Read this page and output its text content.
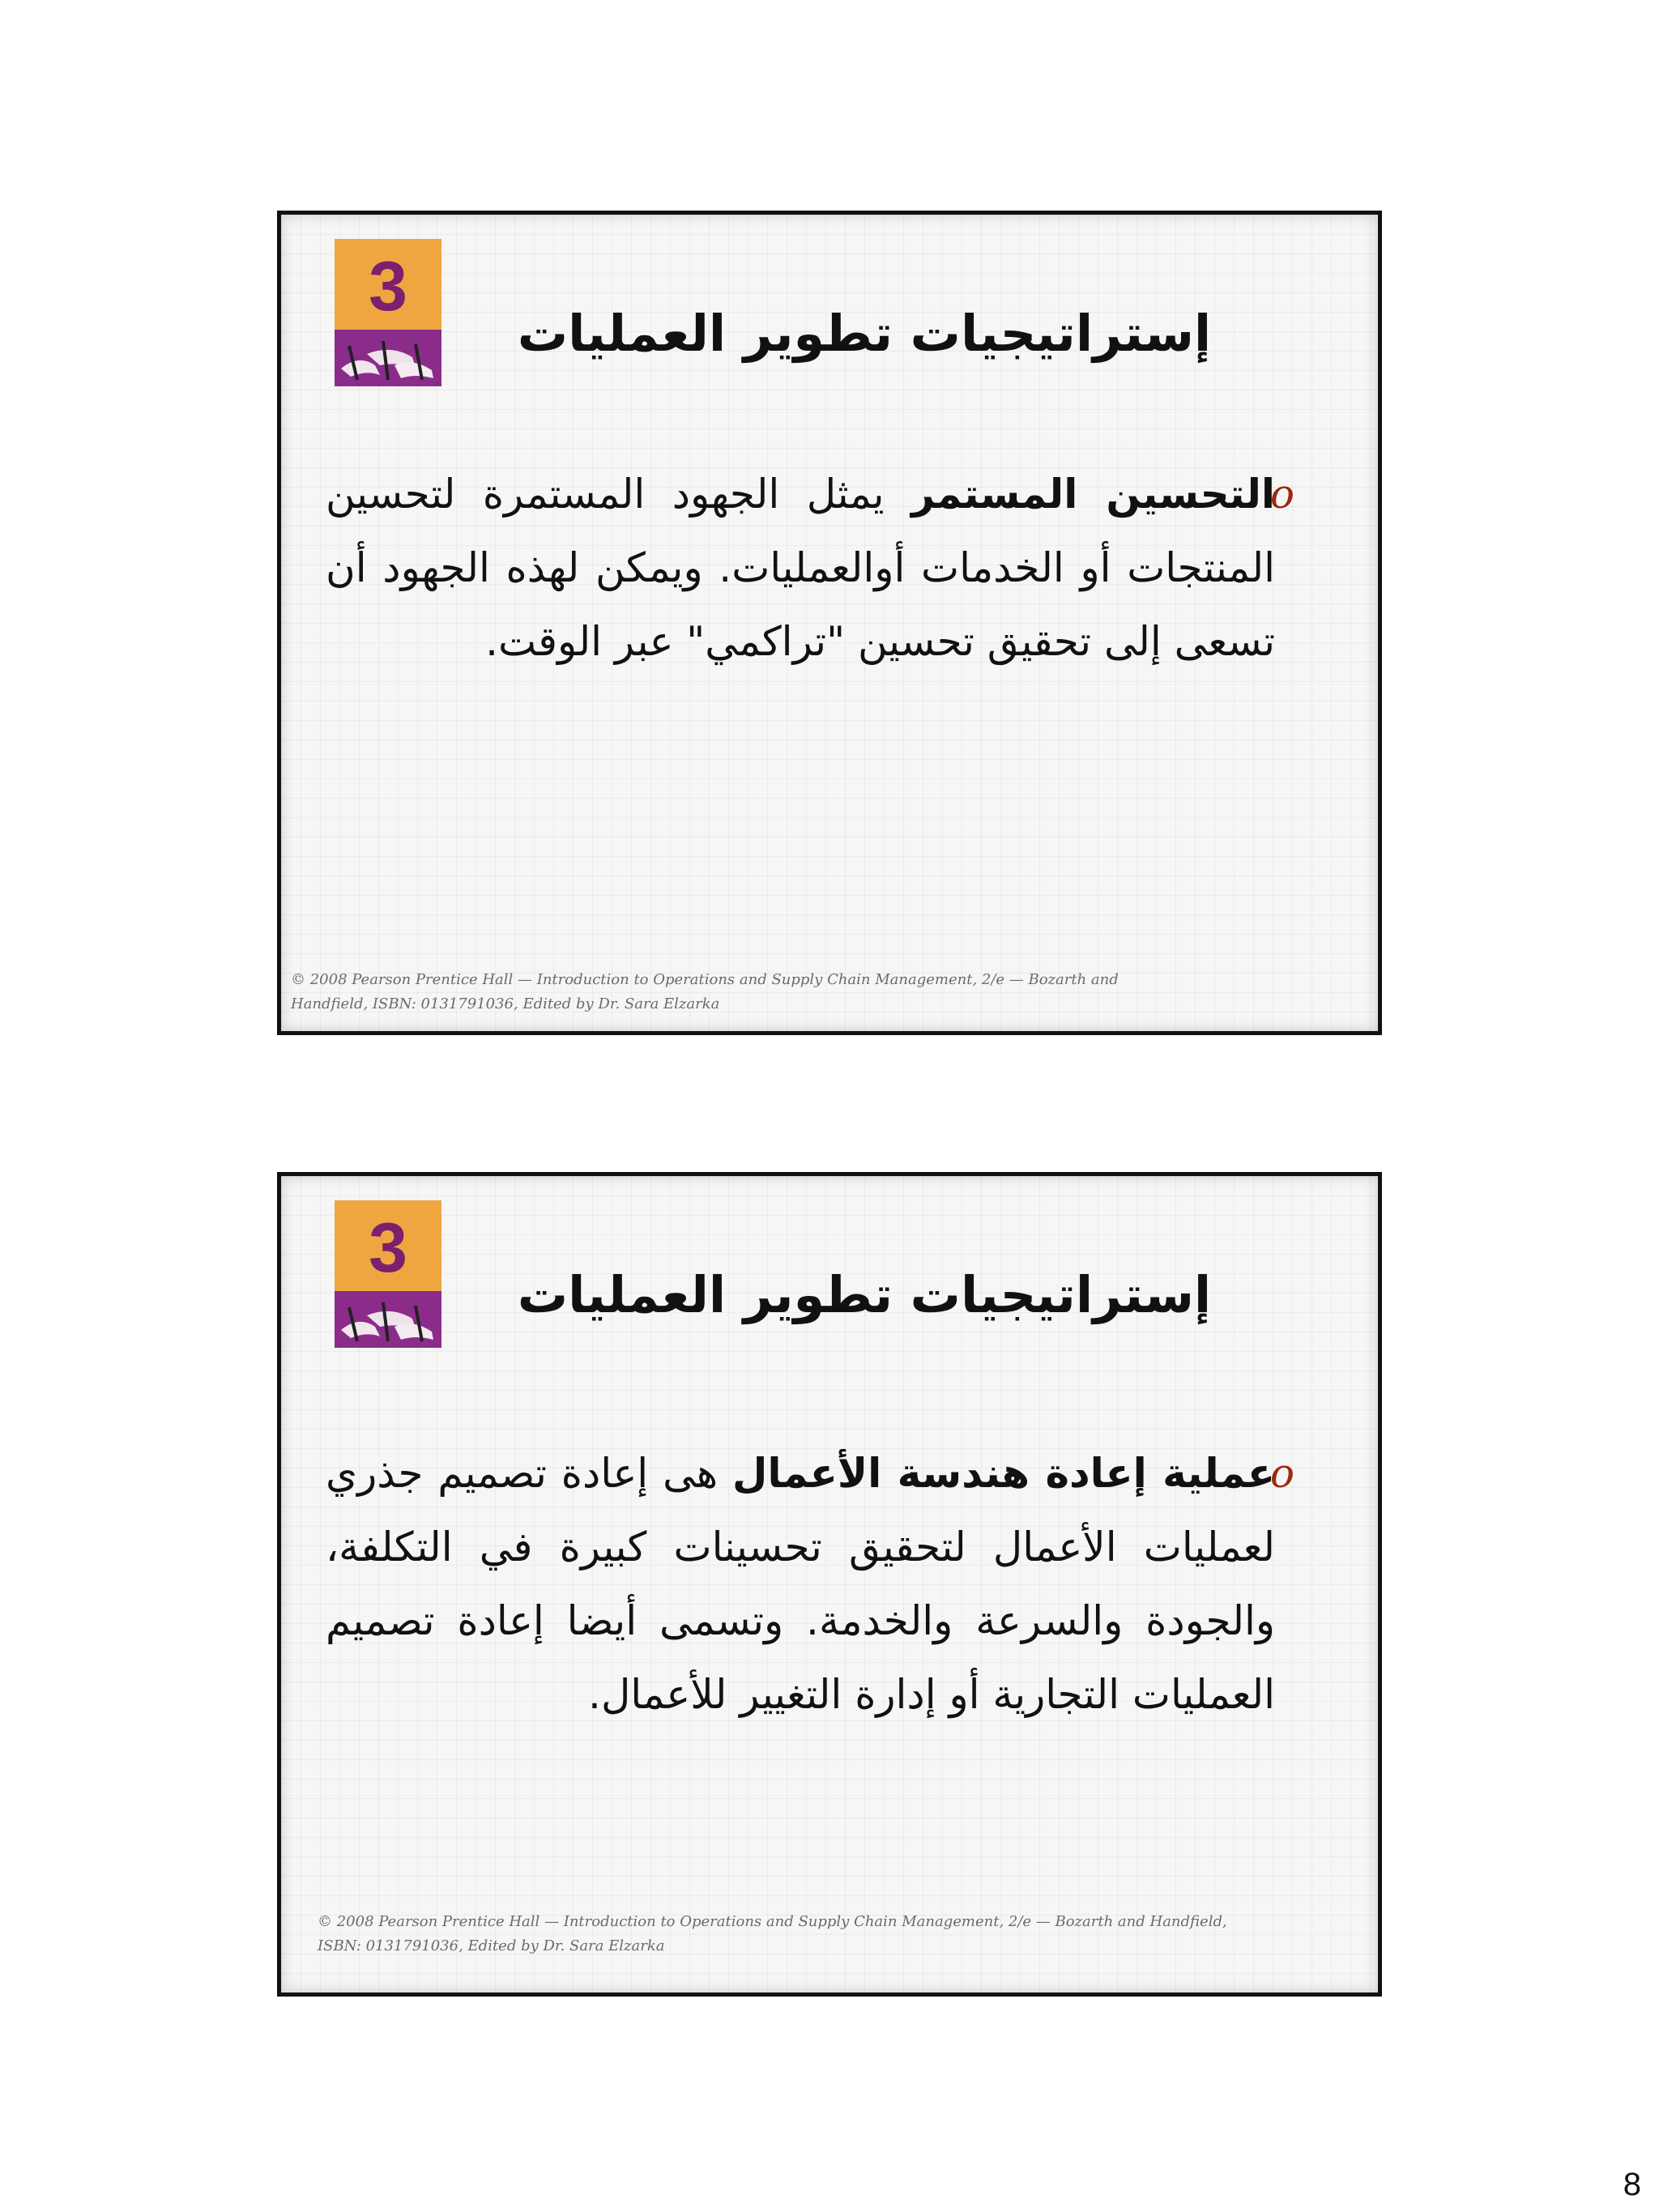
3
إستراتيجيات تطوير العمليات
o
التحسين المستمر يمثل الجهود المستمرة لتحسين المنتجات أو الخدمات أوالعمليات. ويمكن لهذه الجهود أن تسعى إلى تحقيق تحسين "تراكمي" عبر الوقت.
© 2008 Pearson Prentice Hall — Introduction to Operations and Supply Chain Management, 2/e — Bozarth and Handfield, ISBN: 0131791036, Edited by Dr. Sara Elzarka
3
إستراتيجيات تطوير العمليات
o
عملية إعادة هندسة الأعمال هى إعادة تصميم جذري لعمليات الأعمال لتحقيق تحسينات كبيرة في التكلفة، والجودة والسرعة والخدمة. وتسمى أيضا إعادة تصميم العمليات التجارية أو إدارة التغيير للأعمال.
© 2008 Pearson Prentice Hall — Introduction to Operations and Supply Chain Management, 2/e — Bozarth and Handfield, ISBN: 0131791036, Edited by Dr. Sara Elzarka
8
